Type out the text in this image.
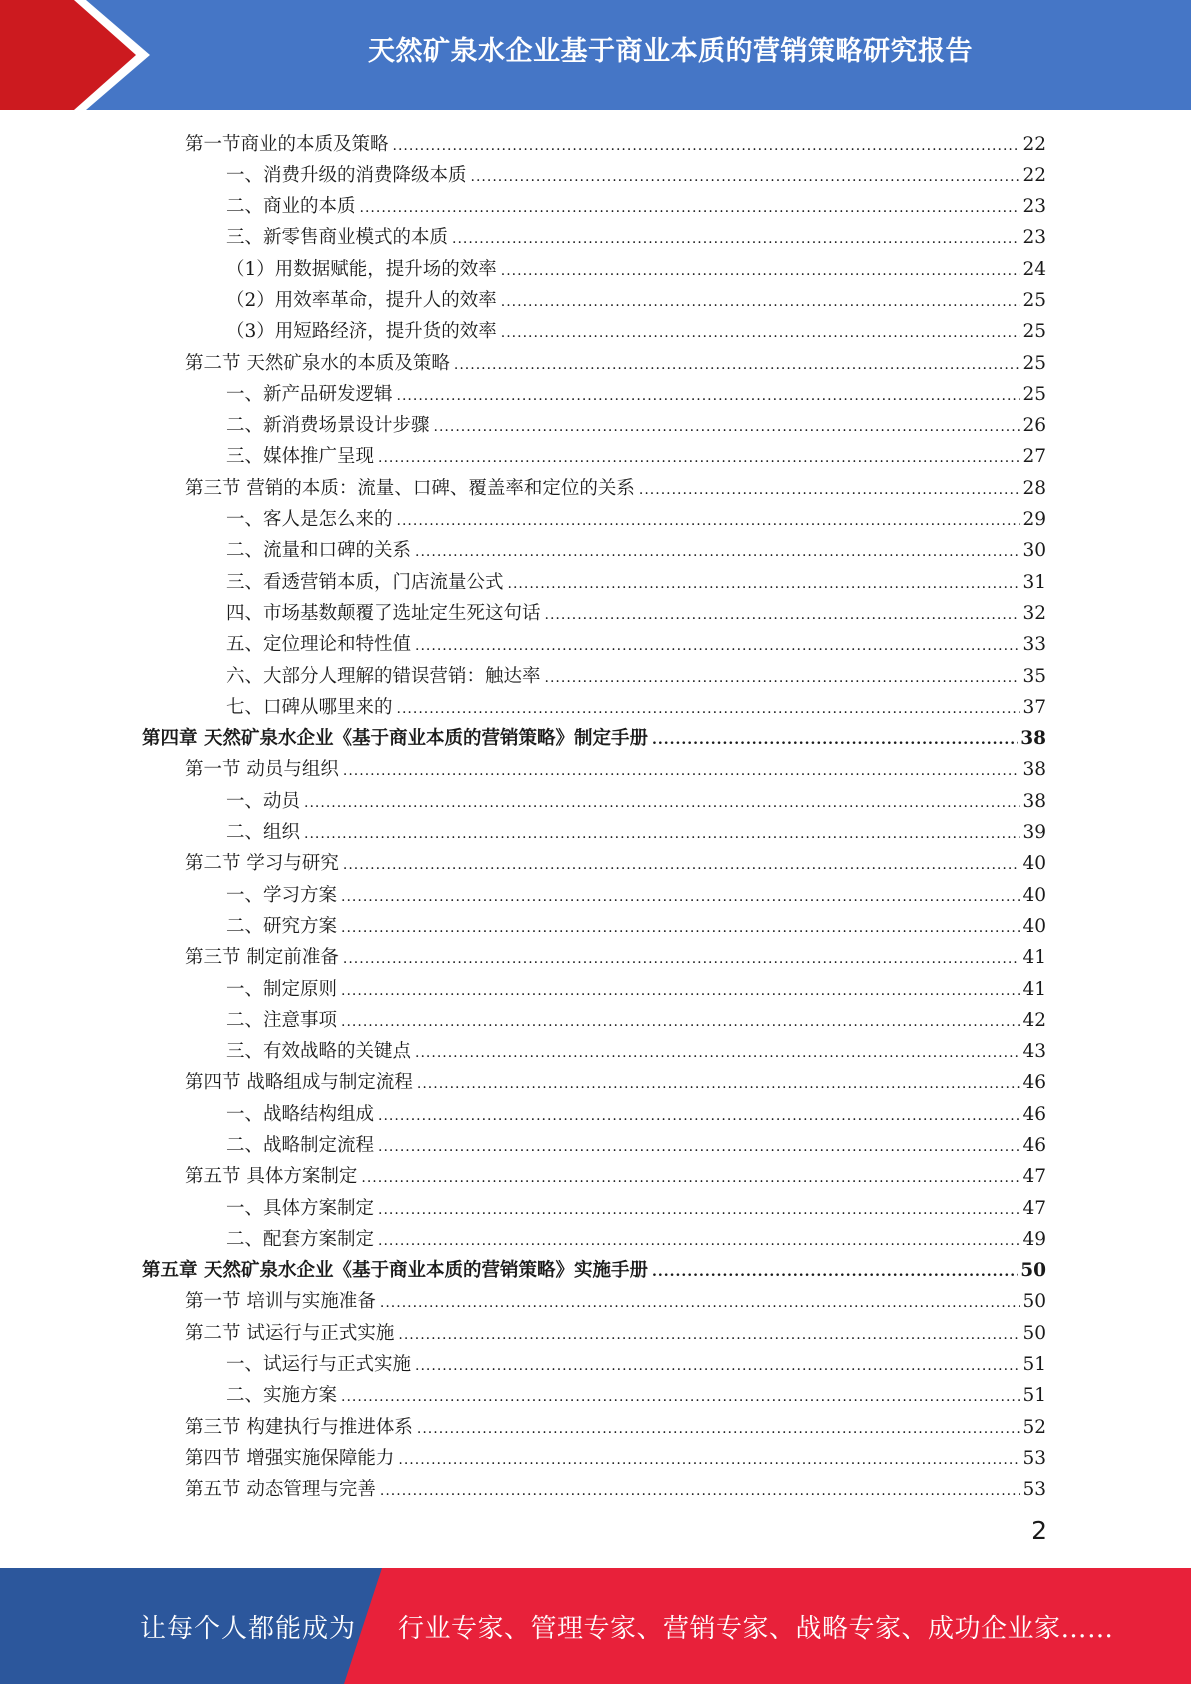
天然矿泉水企业基于商业本质的营销策略研究报告
第一节商业的本质及策略 .....	22
一、消费升级的消费降级本质 .....	22
二、商业的本质 .....	23
三、新零售商业模式的本质 .....	23
（1）用数据赋能，提升场的效率 .....	24
（2）用效率革命，提升人的效率 .....	25
（3）用短路经济，提升货的效率 .....	25
第二节 天然矿泉水的本质及策略 .....	25
一、新产品研发逻辑 .....	25
二、新消费场景设计步骤 .....	26
三、媒体推广呈现 .....	27
第三节 营销的本质：流量、口碑、覆盖率和定位的关系 .....	28
一、客人是怎么来的 .....	29
二、流量和口碑的关系 .....	30
三、看透营销本质，门店流量公式 .....	31
四、市场基数颠覆了选址定生死这句话 .....	32
五、定位理论和特性值 .....	33
六、大部分人理解的错误营销：触达率 .....	35
七、口碑从哪里来的 .....	37
第四章 天然矿泉水企业《基于商业本质的营销策略》制定手册 .....	38
第一节 动员与组织 .....	38
一、动员 .....	38
二、组织 .....	39
第二节 学习与研究 .....	40
一、学习方案 .....	40
二、研究方案 .....	40
第三节 制定前准备 .....	41
一、制定原则 .....	41
二、注意事项 .....	42
三、有效战略的关键点 .....	43
第四节 战略组成与制定流程 .....	46
一、战略结构组成 .....	46
二、战略制定流程 .....	46
第五节 具体方案制定 .....	47
一、具体方案制定 .....	47
二、配套方案制定 .....	49
第五章 天然矿泉水企业《基于商业本质的营销策略》实施手册 .....	50
第一节 培训与实施准备 .....	50
第二节 试运行与正式实施 .....	50
一、试运行与正式实施 .....	51
二、实施方案 .....	51
第三节 构建执行与推进体系 .....	52
第四节 增强实施保障能力 .....	53
第五节 动态管理与完善 .....	53
2
让每个人都能成为	行业专家、管理专家、营销专家、战略专家、成功企业家……
